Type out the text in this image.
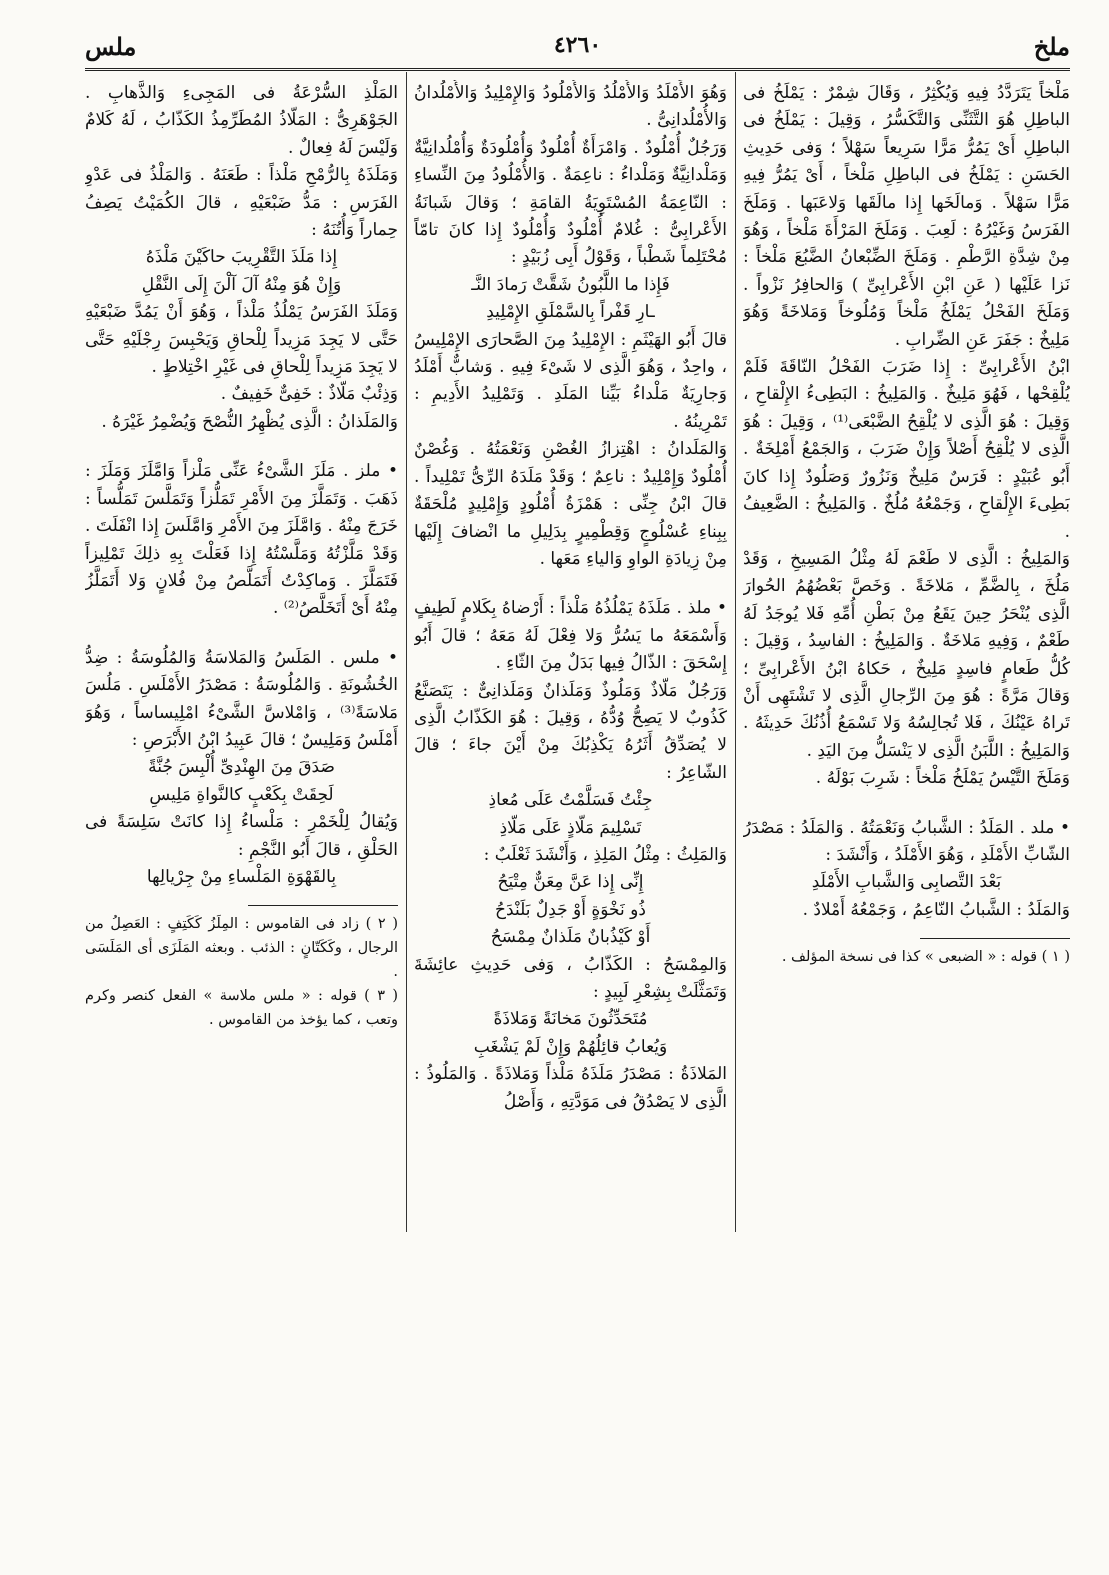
ملخ
٤٢٦٠
ملس

مَلْخاً يَتَرَدَّدُ فِيهِ وَيُكْثِرُ ، وَقَالَ شِمْرٌ : يَمْلَخُ فى الباطِلِ هُوَ التَّثَنِّى وَالتَّكَسُّرُ ، وَقِيلَ : يَمْلَخُ فى الباطِلِ أَىْ يَمُرُّ مَرًّا سَرِيعاً سَهْلاً ؛ وَفى حَدِيثِ الحَسَنِ : يَمْلَخُ فى الباطِلِ مَلْخاً ، أَىْ يَمُرُّ فِيهِ مَرًّا سَهْلاً . وَمالَخَها إِذا مالَقَها وَلاعَبَها . وَمَلَخَ الفَرَسُ وَغَيْرُهُ : لَعِبَ . وَمَلَخَ المَرْأَةَ مَلْخاً ، وَهُوَ مِنْ شِدَّةِ الرَّطْمِ . وَمَلَخَ الضِّبْعانُ الضَّبُعَ مَلْخاً : نَزا عَلَيْها ( عَنِ ابْنِ الأَعْرابِىِّ ) وَالحافِرُ نَزْواً . وَمَلَخَ الفَحْلُ يَمْلَخُ مَلْخاً وَمُلُوخاً وَمَلاخَةً وَهُوَ مَلِيخٌ : جَفَرَ عَنِ الضِّرابِ .

ابْنُ الأَعْرابِىِّ : إِذا ضَرَبَ الفَحْلُ النّاقَةَ فَلَمْ يُلْقِحْها ، فَهُوَ مَلِيخٌ . وَالمَلِيخُ : البَطِىءُ الإِلْقاحِ ، وَقِيلَ : هُوَ الَّذِى لا يُلْقِحُ الضَّبْعَى⁽¹⁾ ، وَقِيلَ : هُوَ الَّذِى لا يُلْقِحُ أَصْلاً وَإِنْ ضَرَبَ ، وَالجَمْعُ أَمْلِخَةٌ . أَبُو عُبَيْدٍ : فَرَسٌ مَلِيخٌ وَنَزُورٌ وَصَلُودٌ إِذا كانَ بَطِىءَ الإِلْقاحِ ، وَجَمْعُهُ مُلُخٌ . وَالمَلِيخُ : الضَّعِيفُ .

وَالمَلِيخُ : الَّذِى لا طَعْمَ لَهُ مِثْلُ المَسِيخِ ، وَقَدْ مَلُخَ ، بِالضَّمِّ ، مَلاخَةً . وَخَصَّ بَعْضُهُمُ الحُوارَ الَّذِى يُنْحَرُ حِينَ يَقَعُ مِنْ بَطْنِ أُمِّهِ فَلا يُوجَدُ لَهُ طَعْمٌ ، وَفِيهِ مَلاخَةٌ . وَالمَلِيخُ : الفاسِدُ ، وَقِيلَ : كُلُّ طَعامٍ فاسِدٍ مَلِيخٌ ، حَكاهُ ابْنُ الأَعْرابِىِّ ؛ وَقالَ مَرَّةً : هُوَ مِنَ الرِّجالِ الَّذِى لا تَشْتَهِى أَنْ تَراهُ عَيْنُكَ ، فَلا تُجالِسُهُ وَلا تَسْمَعُ أُذُنُكَ حَدِيثَهُ . وَالمَلِيخُ : اللَّبَنُ الَّذِى لا يَنْسَلُّ مِنَ اليَدِ .

وَمَلَخَ التَّيْسُ يَمْلَخُ مَلْخاً : شَرِبَ بَوْلَهُ .

• ملد . المَلَدُ : الشَّبابُ وَنَعْمَتُهُ . وَالمَلَدُ : مَصْدَرُ الشّابِّ الأَمْلَدِ ، وَهُوَ الأَمْلَدُ ، وَأَنْشَدَ :

بَعْدَ التَّصابِى وَالشَّبابِ الأَمْلَدِ

وَالمَلَدُ : الشَّبابُ النّاعِمُ ، وَجَمْعُهُ أَمْلادٌ .

( ١ ) قوله : « الضبعى » كذا فى نسخة المؤلف .

وَهُوَ الأَمْلَدُ وَالأُمْلُدُ وَالأُمْلُودُ وَالإِمْلِيدُ وَالأُمْلُدانُ وَالأُمْلُدانِىُّ .

وَرَجُلٌ أُمْلُودٌ . وَامْرَأَةٌ أُمْلُودٌ وَأُمْلُودَةٌ وَأُمْلُدانِيَّةٌ وَمَلْدانِيَّةٌ وَمَلْداءُ : ناعِمَةٌ . وَالأُمْلُودُ مِنَ النِّساءِ : النّاعِمَةُ المُسْتَوِيَةُ القامَةِ ؛ وَقالَ شَبانَةُ الأَعْرابِىُّ : غُلامٌ أُمْلُودٌ وَأُمْلُودٌ إِذا كانَ تامّاً مُحْتَلِماً شَطْباً ، وَقَوْلُ أَبِى زُبَيْدٍ :

فَإِذا ما اللَّبُونُ شَقَّتْ رَمادَ النَّـ

ـارِ قَفْراً بِالسَّمْلَقِ الإِمْلِيدِ

قالَ أَبُو الهَيْثَمِ : الإِمْلِيدُ مِنَ الصَّحارَى الإِمْلِيسُ ، واحِدٌ ، وَهُوَ الَّذِى لا شَىْءَ فِيهِ . وَشابٌّ أَمْلَدُ وَجارِيَةٌ مَلْداءُ بَيِّنا المَلَدِ . وَتَمْلِيدُ الأَدِيمِ : تَمْرِينُهُ .

وَالمَلَدانُ : اهْتِزازُ الغُصْنِ وَنَعْمَتُهُ . وَغُصْنٌ أُمْلُودٌ وَإِمْلِيدٌ : ناعِمٌ ؛ وَقَدْ مَلَدَهُ الرِّىُّ تَمْلِيداً . قالَ ابْنُ جِنِّى : هَمْزَةُ أُمْلُودٍ وَإِمْلِيدٍ مُلْحَقَةٌ بِبِناءِ عُسْلُوجٍ وَقِطْمِيرٍ بِدَلِيلِ ما انْضافَ إِلَيْها مِنْ زِيادَةِ الواوِ وَالياءِ مَعَها .

• ملذ . مَلَذَهُ يَمْلُذُهُ مَلْذاً : أَرْضاهُ بِكَلامٍ لَطِيفٍ وَأَسْمَعَهُ ما يَسُرُّ وَلا فِعْلَ لَهُ مَعَهُ ؛ قالَ أَبُو إِسْحَقَ : الذّالُ فِيها بَدَلٌ مِنَ الثّاءِ .

وَرَجُلٌ مَلّاذٌ وَمَلُوذٌ وَمَلَذانٌ وَمَلَذانِىٌّ : يَتَصَنَّعُ كَذُوبٌ لا يَصِحُّ وُدُّهُ ، وَقِيلَ : هُوَ الكَذّابُ الَّذِى لا يُصَدِّقُ أَثَرُهُ يَكْذِبُكَ مِنْ أَيْنَ جاءَ ؛ قالَ الشّاعِرُ :

جِئْتُ فَسَلَّمْتُ عَلَى مُعاذِ

تَسْلِيمَ مَلّاذٍ عَلَى مَلّاذِ

وَالمَلِثُ : مِثْلُ المَلِذِ ، وَأَنْشَدَ ثَعْلَبٌ :

إِنِّى إِذا عَنَّ مِعَنٌّ مِتْيَحُ

ذُو نَخْوَةٍ أَوْ جَدِلٌ بَلَنْدَحُ

أَوْ كَيْذُبانٌ مَلَذانٌ مِمْسَحُ

وَالمِمْسَحُ : الكَذّابُ ، وَفى حَدِيثِ عائِشَةَ وَتَمَثَّلَتْ بِشِعْرِ لَبِيدٍ :

مُتَحَدِّثُونَ مَخانَةً وَمَلاذَةً

وَيُعابُ قائِلُهُمْ وَإِنْ لَمْ يَشْغَبِ

المَلاذَةُ : مَصْدَرُ مَلَذَهُ مَلْذاً وَمَلاذَةً . وَالمَلُوذُ : الَّذِى لا يَصْدُقُ فى مَوَدَّتِهِ ، وَأَصْلُ

المَلْذِ السُّرْعَةُ فى المَجِىءِ وَالذَّهابِ . الجَوْهَرِىُّ : المَلّاذُ المُطَرِّمِذُ الكَذّابُ ، لَهُ كَلامٌ وَلَيْسَ لَهُ فِعالٌ .

وَمَلَذَهُ بِالرُّمْحِ مَلْذاً : طَعَنَهُ . وَالمَلْذُ فى عَدْوِ الفَرَسِ : مَدُّ ضَبْعَيْهِ ، قالَ الكُمَيْتُ يَصِفُ حِماراً وَأُتُنَهُ :

إِذا مَلَذَ التَّقْرِيبَ حاكَيْنَ مَلْذَهُ

وَإِنْ هُوَ مِنْهُ آلَ آلْنَ إِلَى النَّقْلِ

وَمَلَذَ الفَرَسُ يَمْلُذُ مَلْذاً ، وَهُوَ أَنْ يَمُدَّ ضَبْعَيْهِ حَتَّى لا يَجِدَ مَزِيداً لِلْحاقِ وَيَحْبِسَ رِجْلَيْهِ حَتَّى لا يَجِدَ مَزِيداً لِلْحاقِ فى غَيْرِ اخْتِلاطٍ .

وَذِئْبٌ مَلّاذٌ : خَفِىٌّ خَفِيفٌ .

وَالمَلَذانُ : الَّذِى يُظْهِرُ النُّصْحَ وَيُضْمِرُ غَيْرَهُ .

• ملز . مَلَزَ الشَّىْءُ عَنِّى مَلْزاً وَامَّلَزَ وَمَلَزَ : ذَهَبَ . وَتَمَلَّزَ مِنَ الأَمْرِ تَمَلُّزاً وَتَمَلَّسَ تَمَلُّساً : خَرَجَ مِنْهُ . وَامَّلَزَ مِنَ الأَمْرِ وَامَّلَسَ إِذا انْفَلَتَ . وَقَدْ مَلَّزْتُهُ وَمَلَّسْتُهُ إِذا فَعَلْتَ بِهِ ذلِكَ تَمْلِيزاً فَتَمَلَّزَ . وَماكِدْتُ أَتَمَلَّصُ مِنْ فُلانٍ وَلا أَتَمَلَّزُ مِنْهُ أَىْ أَتَخَلَّصُ⁽²⁾ .

• ملس . المَلَسُ وَالمَلاسَةُ وَالمُلُوسَةُ : ضِدُّ الخُشُونَةِ . وَالمُلُوسَةُ : مَصْدَرُ الأَمْلَسِ . مَلُسَ مَلاسَةً⁽³⁾ ، وَامْلاسَّ الشَّىْءُ امْلِيساساً ، وَهُوَ أَمْلَسُ وَمَلِيسٌ ؛ قالَ عَبِيدُ ابْنُ الأَبْرَصِ :

صَدَقَ مِنَ الهِنْدِىِّ أُلْبِسَ جُنَّةً

لَحِقَتْ بِكَعْبٍ كالنَّواةِ مَلِيسِ

وَيُقالُ لِلْخَمْرِ : مَلْساءُ إِذا كانَتْ سَلِسَةً فى الحَلْقِ ، قالَ أَبُو النَّجْمِ :

بِالقَهْوَةِ المَلْساءِ مِنْ جِرْيالِها

( ٢ ) زاد فى القاموس : المِلَزُ كَكَتِفٍ : العَصِلُ من الرجال ، وكَكَتّانٍ : الذئب . وبعثه المَلَزَى أى المَلَسَى .

( ٣ ) قوله : « ملس ملاسة » الفعل كنصر وكرم وتعب ، كما يؤخذ من القاموس .
